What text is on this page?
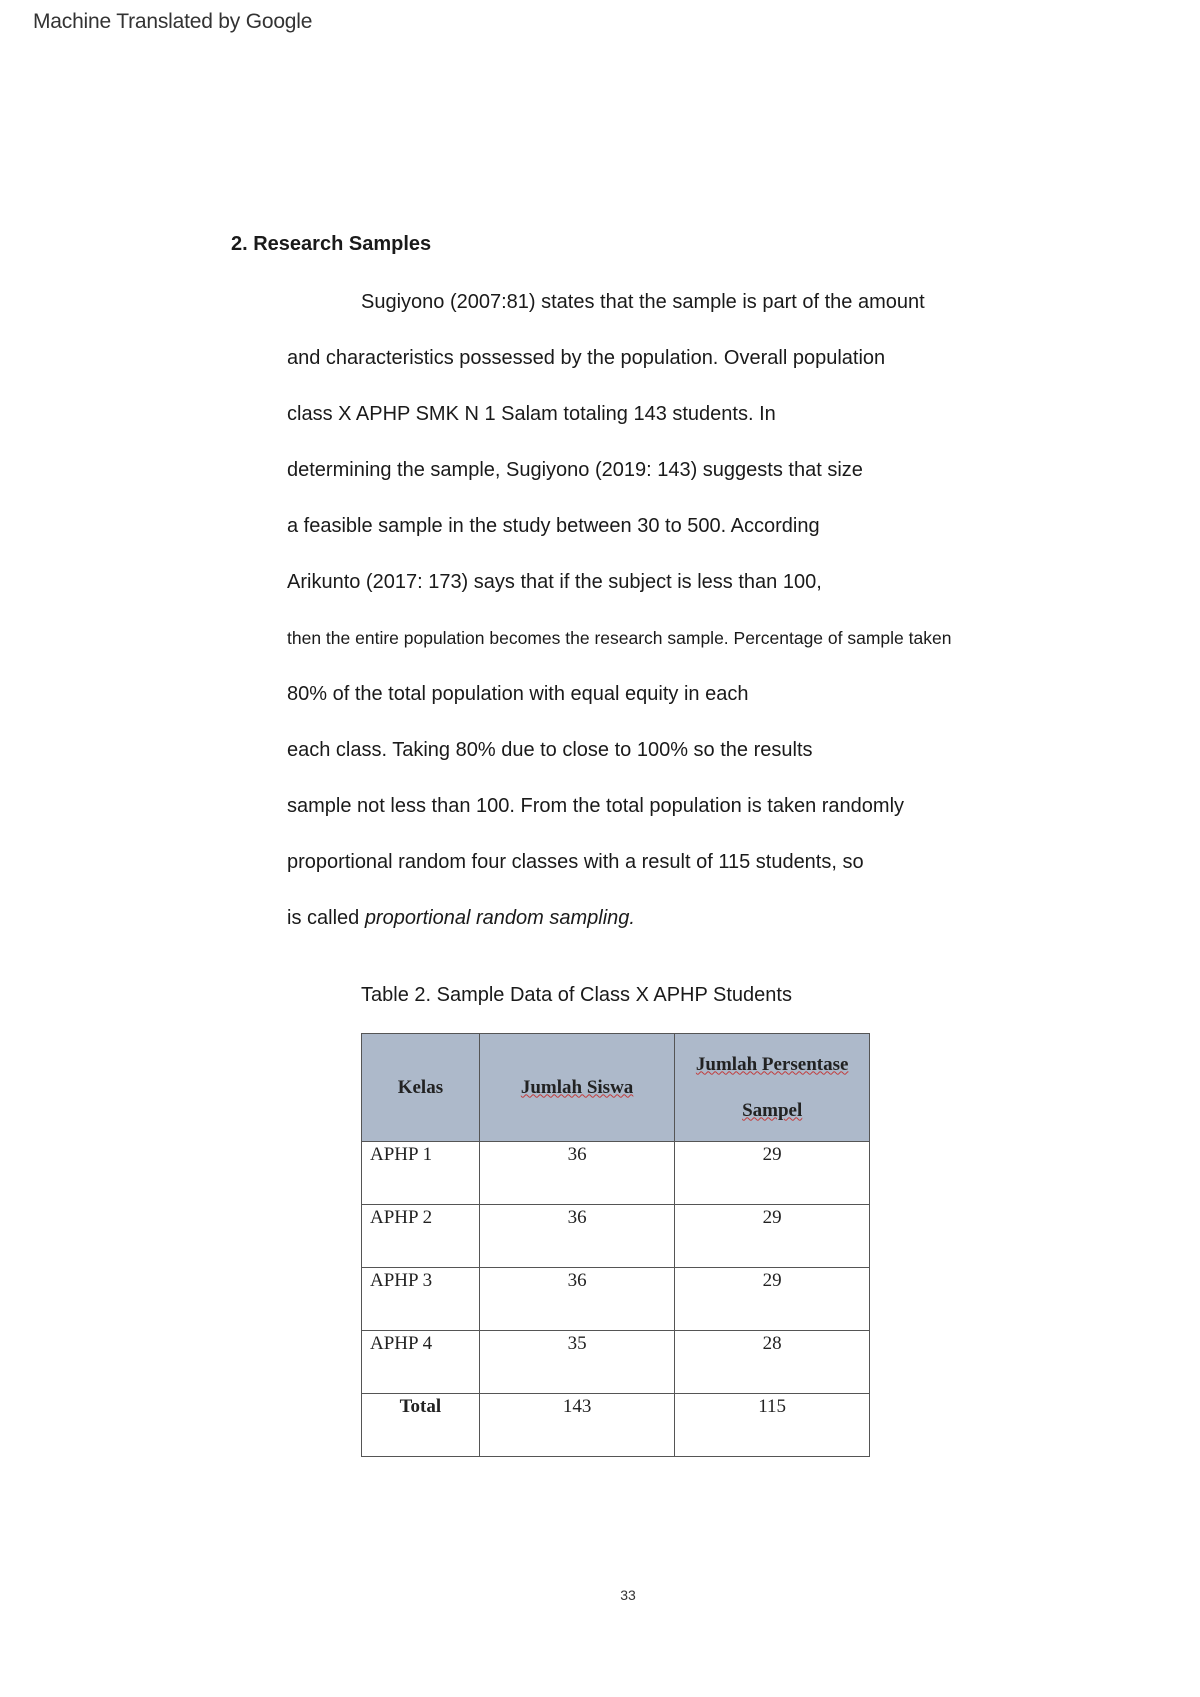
Machine Translated by Google
2. Research Samples

Sugiyono (2007:81) states that the sample is part of the amount

and characteristics possessed by the population. Overall population

class X APHP SMK N 1 Salam totaling 143 students. In

determining the sample, Sugiyono (2019: 143) suggests that size

a feasible sample in the study between 30 to 500. According

Arikunto (2017: 173) says that if the subject is less than 100,

then the entire population becomes the research sample. Percentage of sample taken

80% of the total population with equal equity in each

each class. Taking 80% due to close to 100% so the results

sample not less than 100. From the total population is taken randomly

proportional random four classes with a result of 115 students, so

is called proportional random sampling.

Table 2. Sample Data of Class X APHP Students

Kelas	Jumlah Siswa	Jumlah Persentase
Sampel

APHP 1	36	29
APHP 2	36	29
APHP 3	36	29
APHP 4	35	28
Total	143	115
33
